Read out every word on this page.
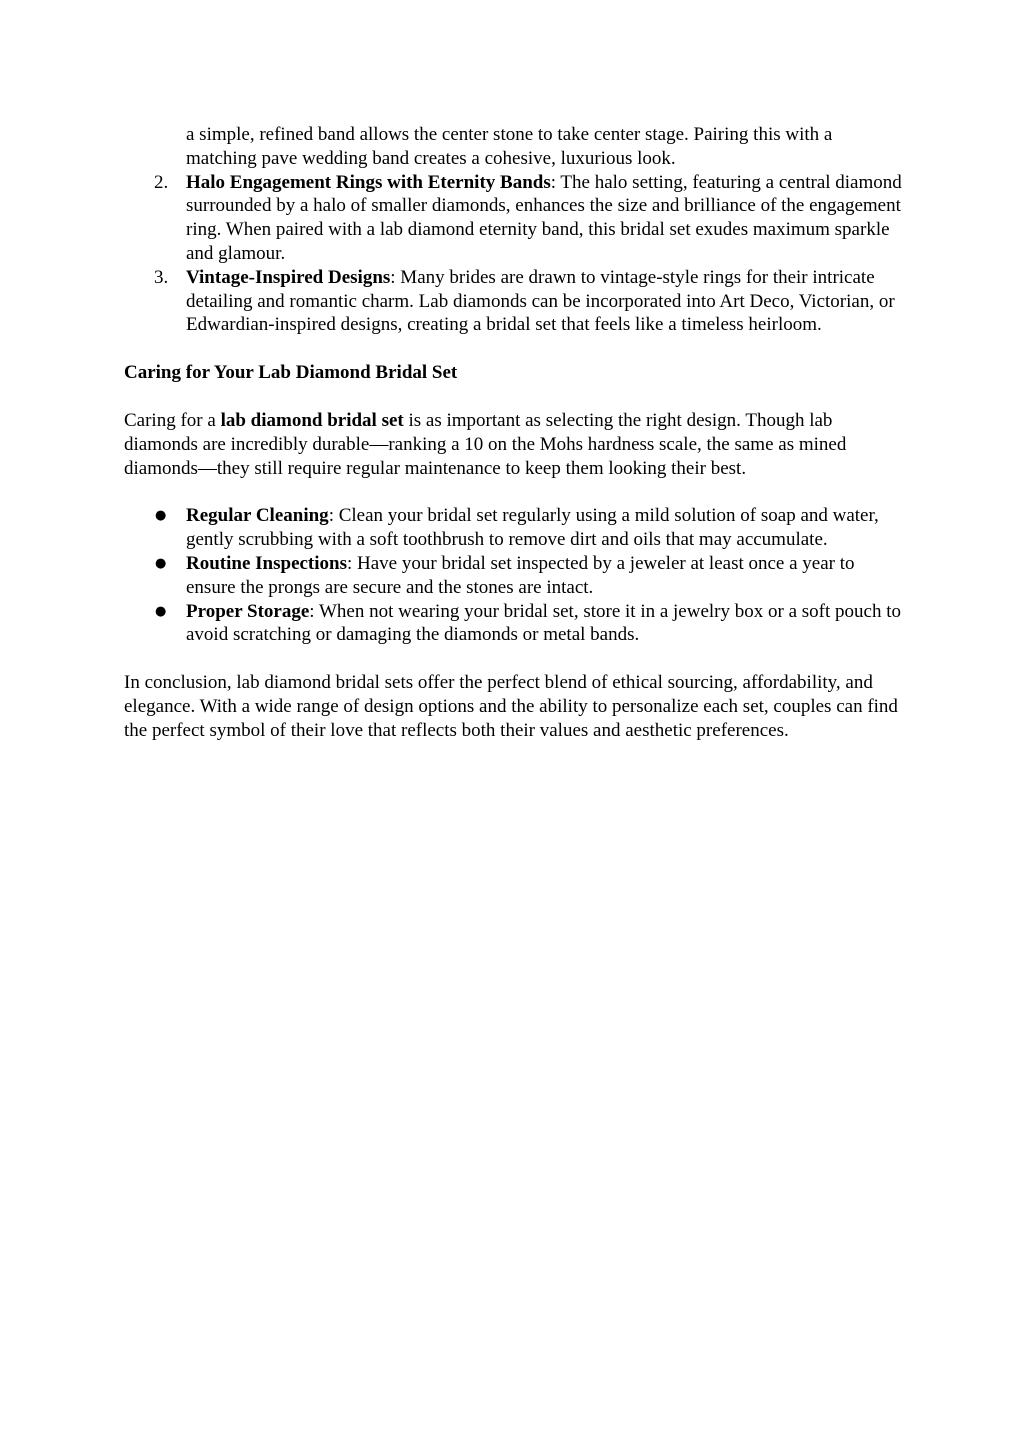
a simple, refined band allows the center stone to take center stage. Pairing this with a matching pave wedding band creates a cohesive, luxurious look.

2. Halo Engagement Rings with Eternity Bands: The halo setting, featuring a central diamond surrounded by a halo of smaller diamonds, enhances the size and brilliance of the engagement ring. When paired with a lab diamond eternity band, this bridal set exudes maximum sparkle and glamour.
3. Vintage-Inspired Designs: Many brides are drawn to vintage-style rings for their intricate detailing and romantic charm. Lab diamonds can be incorporated into Art Deco, Victorian, or Edwardian-inspired designs, creating a bridal set that feels like a timeless heirloom.

Caring for Your Lab Diamond Bridal Set

Caring for a lab diamond bridal set is as important as selecting the right design. Though lab diamonds are incredibly durable—ranking a 10 on the Mohs hardness scale, the same as mined diamonds—they still require regular maintenance to keep them looking their best.

● Regular Cleaning: Clean your bridal set regularly using a mild solution of soap and water, gently scrubbing with a soft toothbrush to remove dirt and oils that may accumulate.
● Routine Inspections: Have your bridal set inspected by a jeweler at least once a year to ensure the prongs are secure and the stones are intact.
● Proper Storage: When not wearing your bridal set, store it in a jewelry box or a soft pouch to avoid scratching or damaging the diamonds or metal bands.

In conclusion, lab diamond bridal sets offer the perfect blend of ethical sourcing, affordability, and elegance. With a wide range of design options and the ability to personalize each set, couples can find the perfect symbol of their love that reflects both their values and aesthetic preferences.
